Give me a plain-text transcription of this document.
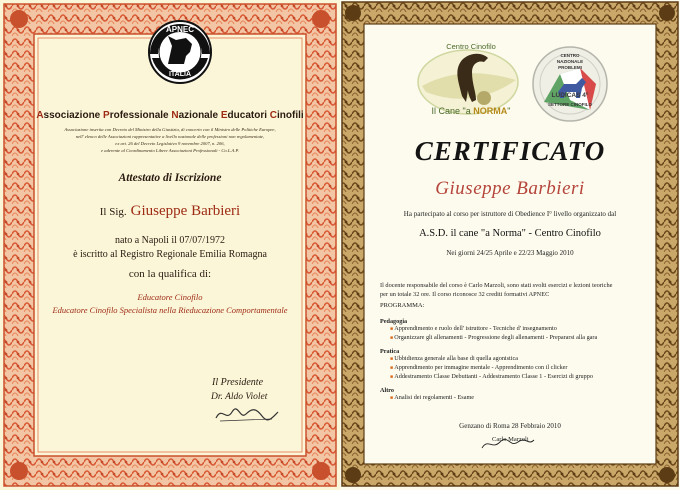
APNEC
ITALIA
Associazione Professionale Nazionale Educatori Cinofili
Associazione inserita con Decreto del Ministro della Giustizia, di concerto con il Ministro delle Politiche Europee,
nell' elenco delle Associazioni rappresentative a livello nazionale delle professioni non regolamentate,
ex art. 26 del Decreto Legislativo 9 novembre 2007, n. 206,
e aderente al Coordinamento Libere Associazioni Professionali - Co.L.A.P.
Attestato di Iscrizione
Il Sig. Giuseppe Barbieri
nato a Napoli il 07/07/1972
è iscritto al Registro Regionale Emilia Romagna
con la qualifica di:
Educatore Cinofilo
Educatore Cinofilo Specialista nella Rieducazione Comportamentale
Il Presidente
Dr. Aldo Violet
Centro Cinofilo
Il Cane "a NORMA"
CENTRO
NAZIONALE
PROBLEMI
LUDICAS 4°
SETTORE CINOFILO
CERTIFICATO
Giuseppe Barbieri
Ha partecipato al corso per istruttore di Obedience I° livello organizzato dal
A.S.D. il cane "a Norma" - Centro Cinofilo
Nei giorni 24/25 Aprile e 22/23 Maggio 2010
Il docente responsabile del corso è Carlo Marzoli, sono stati svolti esercizi e lezioni teoriche
per un totale 32 ore. Il corso riconosce 32 crediti formativi APNEC
PROGRAMMA:
Pedagogia
■ Apprendimento e ruolo dell' istruttore - Tecniche d' insegnamento
■ Organizzare gli allenamenti - Progressione degli allenamenti - Prepararsi alla gara
Pratica
■ Ubbidienza generale alla base di quella agonistica
■ Apprendimento per immagine mentale - Apprendimento con il clicker
■ Addestramento Classe Debuttanti - Addestramento Classe 1 - Esercizi di gruppo
Altro
■ Analisi dei regolamenti - Esame
Genzano di Roma 28 Febbraio 2010
Carlo Marzoli
